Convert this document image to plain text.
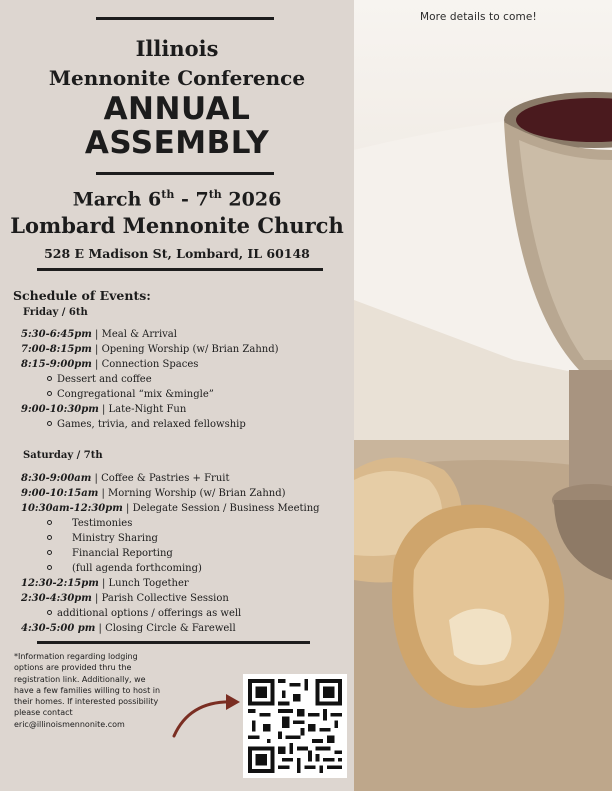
More details to come!
Illinois
Mennonite Conference
ANNUAL
ASSEMBLY
March 6th - 7th 2026
Lombard Mennonite Church
528 E Madison St, Lombard, IL 60148
Schedule of Events:
Friday / 6th
5:30-6:45pm | Meal & Arrival
7:00-8:15pm | Opening Worship (w/ Brian Zahnd)
8:15-9:00pm | Connection Spaces
Dessert and coffee
Congregational “mix &mingle”
9:00-10:30pm | Late-Night Fun
Games, trivia, and relaxed fellowship
Saturday / 7th
8:30-9:00am | Coffee & Pastries + Fruit
9:00-10:15am | Morning Worship (w/ Brian Zahnd)
10:30am-12:30pm | Delegate Session / Business Meeting
Testimonies
Ministry Sharing
Financial Reporting
(full agenda forthcoming)
12:30-2:15pm | Lunch Together
2:30-4:30pm | Parish Collective Session
additional options / offerings as well
4:30-5:00 pm | Closing Circle & Farewell
*Information regarding lodging options are provided thru the registration link. Additionally, we have a few families willing to host in their homes. If interested possibility please contact eric@illinoismennonite.com
